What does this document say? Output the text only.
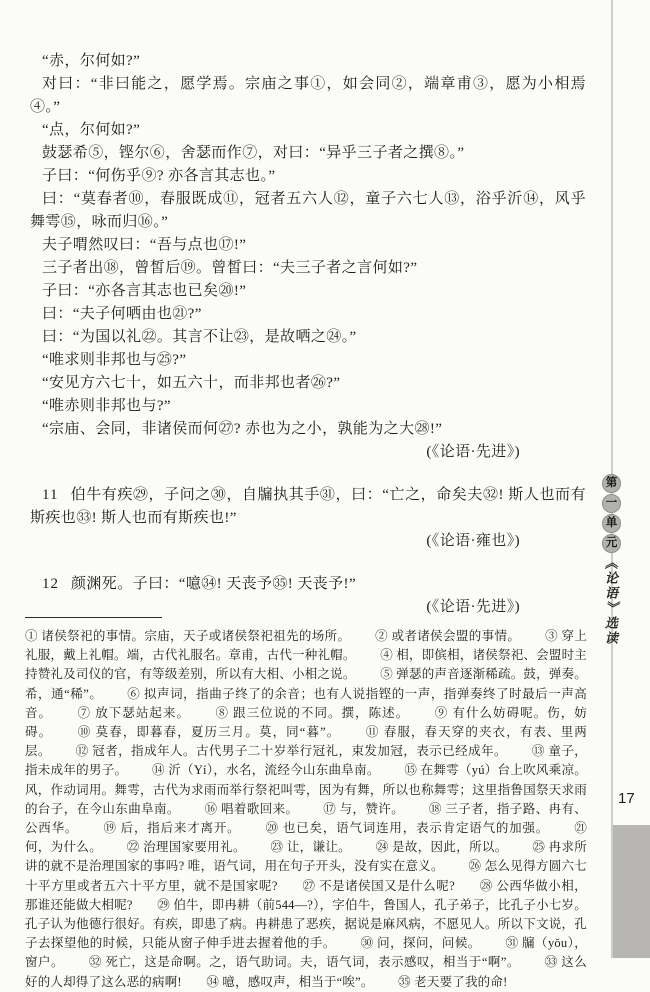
“赤，尔何如?”

对曰：“非曰能之，愿学焉。宗庙之事①，如会同②，端章甫③，愿为小相焉④。”

“点，尔何如?”

鼓瑟希⑤，铿尔⑥，舍瑟而作⑦，对曰：“异乎三子者之撰⑧。”

子曰：“何伤乎⑨? 亦各言其志也。”

曰：“莫春者⑩，春服既成⑪，冠者五六人⑫，童子六七人⑬，浴乎沂⑭，风乎舞雩⑮，咏而归⑯。”

夫子喟然叹曰：“吾与点也⑰!”

三子者出⑱，曾皙后⑲。曾皙曰：“夫三子者之言何如?”

子曰：“亦各言其志也已矣⑳!”

曰：“夫子何哂由也㉑?”

曰：“为国以礼㉒。其言不让㉓，是故哂之㉔。”

“唯求则非邦也与㉕?”

“安见方六七十，如五六十，而非邦也者㉖?”

“唯赤则非邦也与?”

“宗庙、会同，非诸侯而何㉗? 赤也为之小，孰能为之大㉘!”

(《论语·先进》)

11 伯牛有疾㉙，子问之㉚，自牖执其手㉛，曰：“亡之，命矣夫㉜! 斯人也而有斯疾也㉝! 斯人也而有斯疾也!”

(《论语·雍也》)

12 颜渊死。子曰：“噫㉞! 天丧予㉟! 天丧予!”

(《论语·先进》)

① 诸侯祭祀的事情。宗庙，天子或诸侯祭祀祖先的场所。 ② 或者诸侯会盟的事情。 ③ 穿上礼服，戴上礼帽。端，古代礼服名。章甫，古代一种礼帽。 ④ 相，即傧相，诸侯祭祀、会盟时主持赞礼及司仪的官，有等级差别，所以有大相、小相之说。 ⑤ 弹瑟的声音逐渐稀疏。鼓，弹奏。希，通“稀”。 ⑥ 拟声词，指曲子终了的余音；也有人说指铿的一声，指弹奏终了时最后一声高音。 ⑦ 放下瑟站起来。 ⑧ 跟三位说的不同。撰，陈述。 ⑨ 有什么妨碍呢。伤，妨碍。 ⑩ 莫春，即暮春，夏历三月。莫，同“暮”。 ⑪ 春服，春天穿的夹衣，有表、里两层。 ⑫ 冠者，指成年人。古代男子二十岁举行冠礼，束发加冠，表示已经成年。 ⑬ 童子，指未成年的男子。 ⑭ 沂（Yí），水名，流经今山东曲阜南。 ⑮ 在舞雩（yú）台上吹风乘凉。风，作动词用。舞雩，古代为求雨而举行祭祀叫雩，因为有舞，所以也称舞雩；这里指鲁国祭天求雨的台子，在今山东曲阜南。 ⑯ 唱着歌回来。 ⑰ 与，赞许。 ⑱ 三子者，指子路、冉有、公西华。 ⑲ 后，指后来才离开。 ⑳ 也已矣，语气词连用，表示肯定语气的加强。 ㉑ 何，为什么。 ㉒ 治理国家要用礼。 ㉓ 让，谦让。 ㉔ 是故，因此，所以。 ㉕ 冉求所讲的就不是治理国家的事吗? 唯，语气词，用在句子开头，没有实在意义。 ㉖ 怎么见得方圆六七十平方里或者五六十平方里，就不是国家呢? ㉗ 不是诸侯国又是什么呢? ㉘ 公西华做小相，那谁还能做大相呢? ㉙ 伯牛，即冉耕（前544—?），字伯牛，鲁国人，孔子弟子，比孔子小七岁。孔子认为他德行很好。有疾，即患了病。冉耕患了恶疾，据说是麻风病，不愿见人。所以下文说，孔子去探望他的时候，只能从窗子伸手进去握着他的手。 ㉚ 问，探问，问候。 ㉛ 牖（yǒu），窗户。 ㉜ 死亡，这是命啊。之，语气助词。夫，语气词，表示感叹，相当于“啊”。 ㉝ 这么好的人却得了这么恶的病啊! ㉞ 噫，感叹声，相当于“唉”。 ㉟ 老天要了我的命!
第
一
单
元
《论语》选读
17
